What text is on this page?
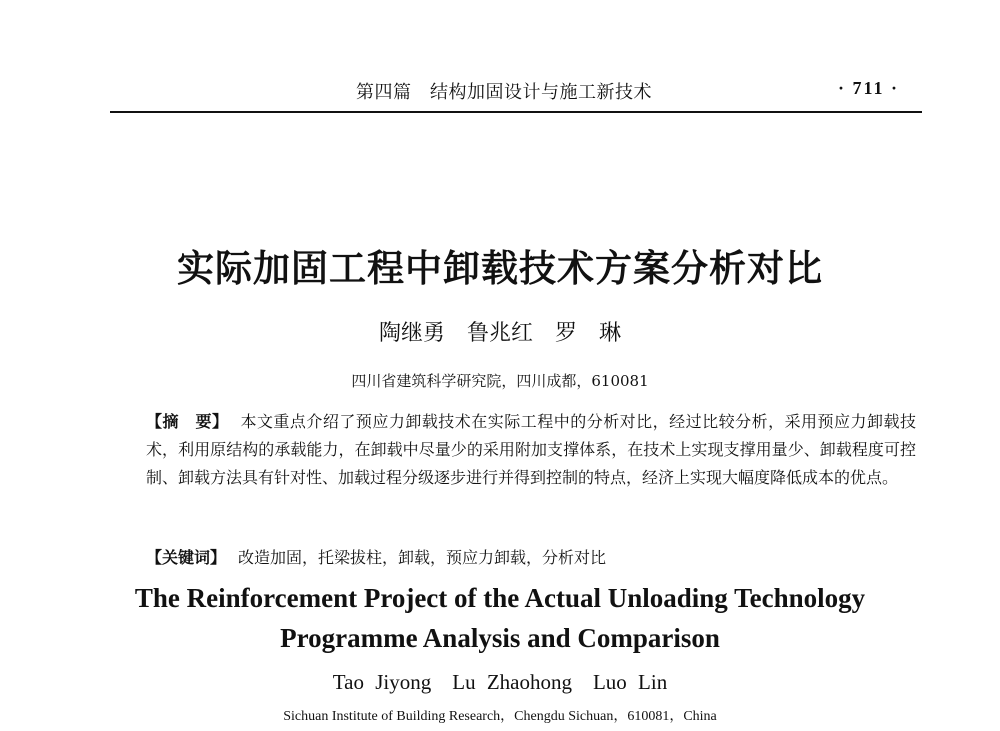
第四篇　结构加固设计与施工新技术	· 711 ·
实际加固工程中卸载技术方案分析对比
陶继勇　鲁兆红　罗　琳
四川省建筑科学研究院，四川成都，610081
【摘　要】 本文重点介绍了预应力卸载技术在实际工程中的分析对比，经过比较分析，采用预应力卸载技术，利用原结构的承载能力，在卸载中尽量少的采用附加支撑体系，在技术上实现支撑用量少、卸载程度可控制、卸载方法具有针对性、加载过程分级逐步进行并得到控制的特点，经济上实现大幅度降低成本的优点。
【关键词】 改造加固，托梁拔柱，卸载，预应力卸载，分析对比
The Reinforcement Project of the Actual Unloading Technology
Programme Analysis and Comparison
Tao Jiyong　Lu Zhaohong　Luo Lin
Sichuan Institute of Building Research，Chengdu Sichuan，610081，China
